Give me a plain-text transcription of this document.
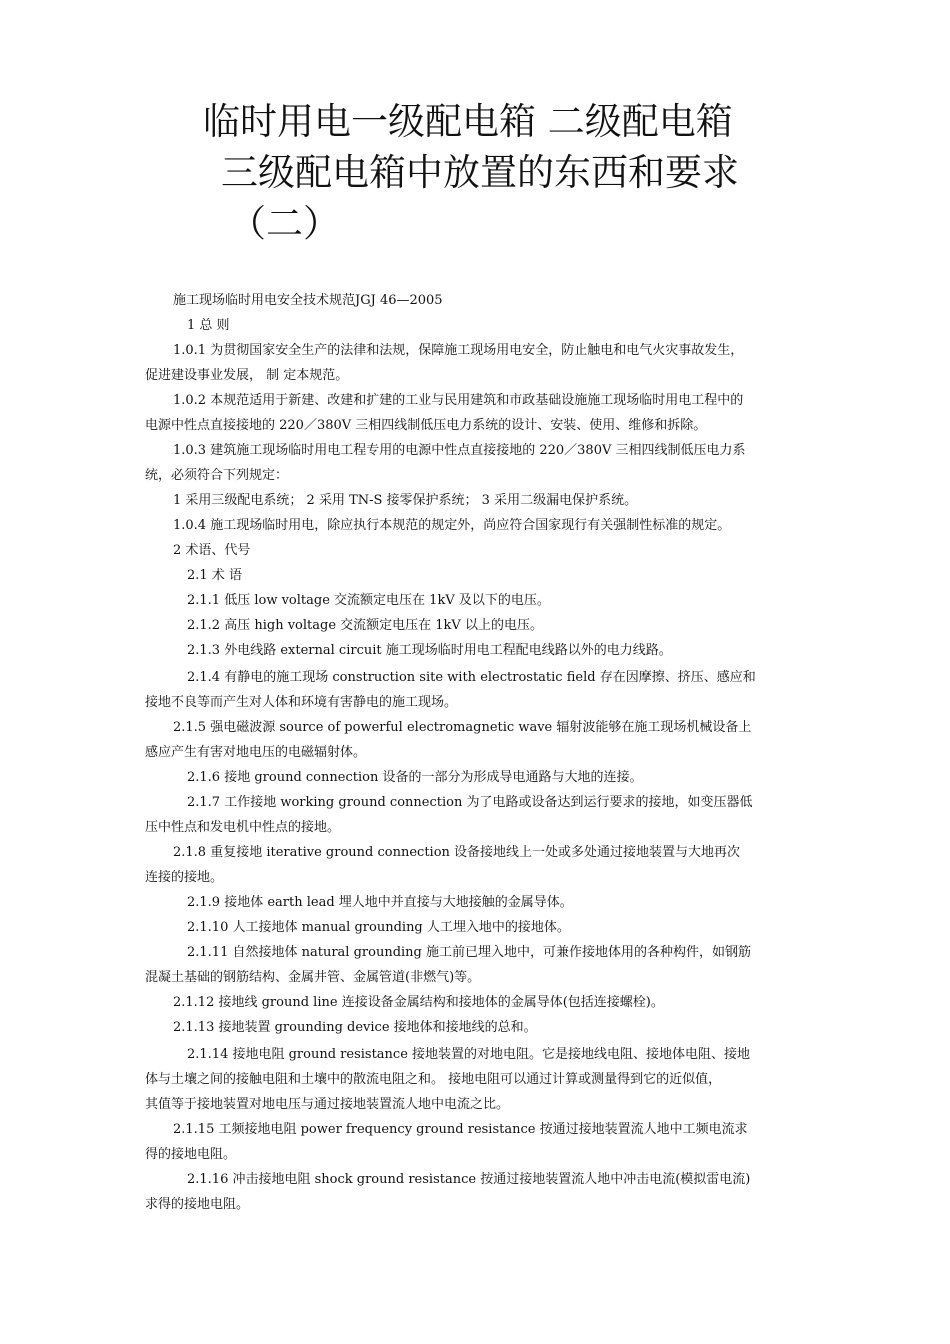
临时用电一级配电箱 二级配电箱
三级配电箱中放置的东西和要求
（二）
施工现场临时用电安全技术规范JGJ 46—2005
1 总 则
1.0.1 为贯彻国家安全生产的法律和法规，保障施工现场用电安全，防止触电和电气火灾事故发生，
促进建设事业发展， 制 定本规范。
1.0.2 本规范适用于新建、改建和扩建的工业与民用建筑和市政基础设施施工现场临时用电工程中的
电源中性点直接接地的 220／380V 三相四线制低压电力系统的设计、安装、使用、维修和拆除。
1.0.3 建筑施工现场临时用电工程专用的电源中性点直接接地的 220／380V 三相四线制低压电力系
统，必须符合下列规定：
1 采用三级配电系统； 2 采用 TN-S 接零保护系统； 3 采用二级漏电保护系统。
1.0.4 施工现场临时用电，除应执行本规范的规定外，尚应符合国家现行有关强制性标准的规定。
2 术语、代号
2.1 术 语
2.1.1 低压 low voltage 交流额定电压在 1kV 及以下的电压。
2.1.2 高压 high voltage 交流额定电压在 1kV 以上的电压。
2.1.3 外电线路 external circuit 施工现场临时用电工程配电线路以外的电力线路。
2.1.4 有静电的施工现场 construction site with electrostatic field 存在因摩擦、挤压、感应和
接地不良等而产生对人体和环境有害静电的施工现场。
2.1.5 强电磁波源 source of powerful electromagnetic wave 辐射波能够在施工现场机械设备上
感应产生有害对地电压的电磁辐射体。
2.1.6 接地 ground connection 设备的一部分为形成导电通路与大地的连接。
2.1.7 工作接地 working ground connection 为了电路或设备达到运行要求的接地，如变压器低
压中性点和发电机中性点的接地。
2.1.8 重复接地 iterative ground connection 设备接地线上一处或多处通过接地装置与大地再次
连接的接地。
2.1.9 接地体 earth lead 埋人地中并直接与大地接触的金属导体。
2.1.10 人工接地体 manual grounding 人工埋入地中的接地体。
2.1.11 自然接地体 natural grounding 施工前已埋入地中，可兼作接地体用的各种构件，如钢筋
混凝土基础的钢筋结构、金属井管、金属管道(非燃气)等。
2.1.12 接地线 ground line 连接设备金属结构和接地体的金属导体(包括连接螺栓)。
2.1.13 接地装置 grounding device 接地体和接地线的总和。
2.1.14 接地电阻 ground resistance 接地装置的对地电阻。它是接地线电阻、接地体电阻、接地
体与土壤之间的接触电阻和土壤中的散流电阻之和。 接地电阻可以通过计算或测量得到它的近似值，
其值等于接地装置对地电压与通过接地装置流人地中电流之比。
2.1.15 工频接地电阻 power frequency ground resistance 按通过接地装置流人地中工频电流求
得的接地电阻。
2.1.16 冲击接地电阻 shock ground resistance 按通过接地装置流人地中冲击电流(模拟雷电流)
求得的接地电阻。
